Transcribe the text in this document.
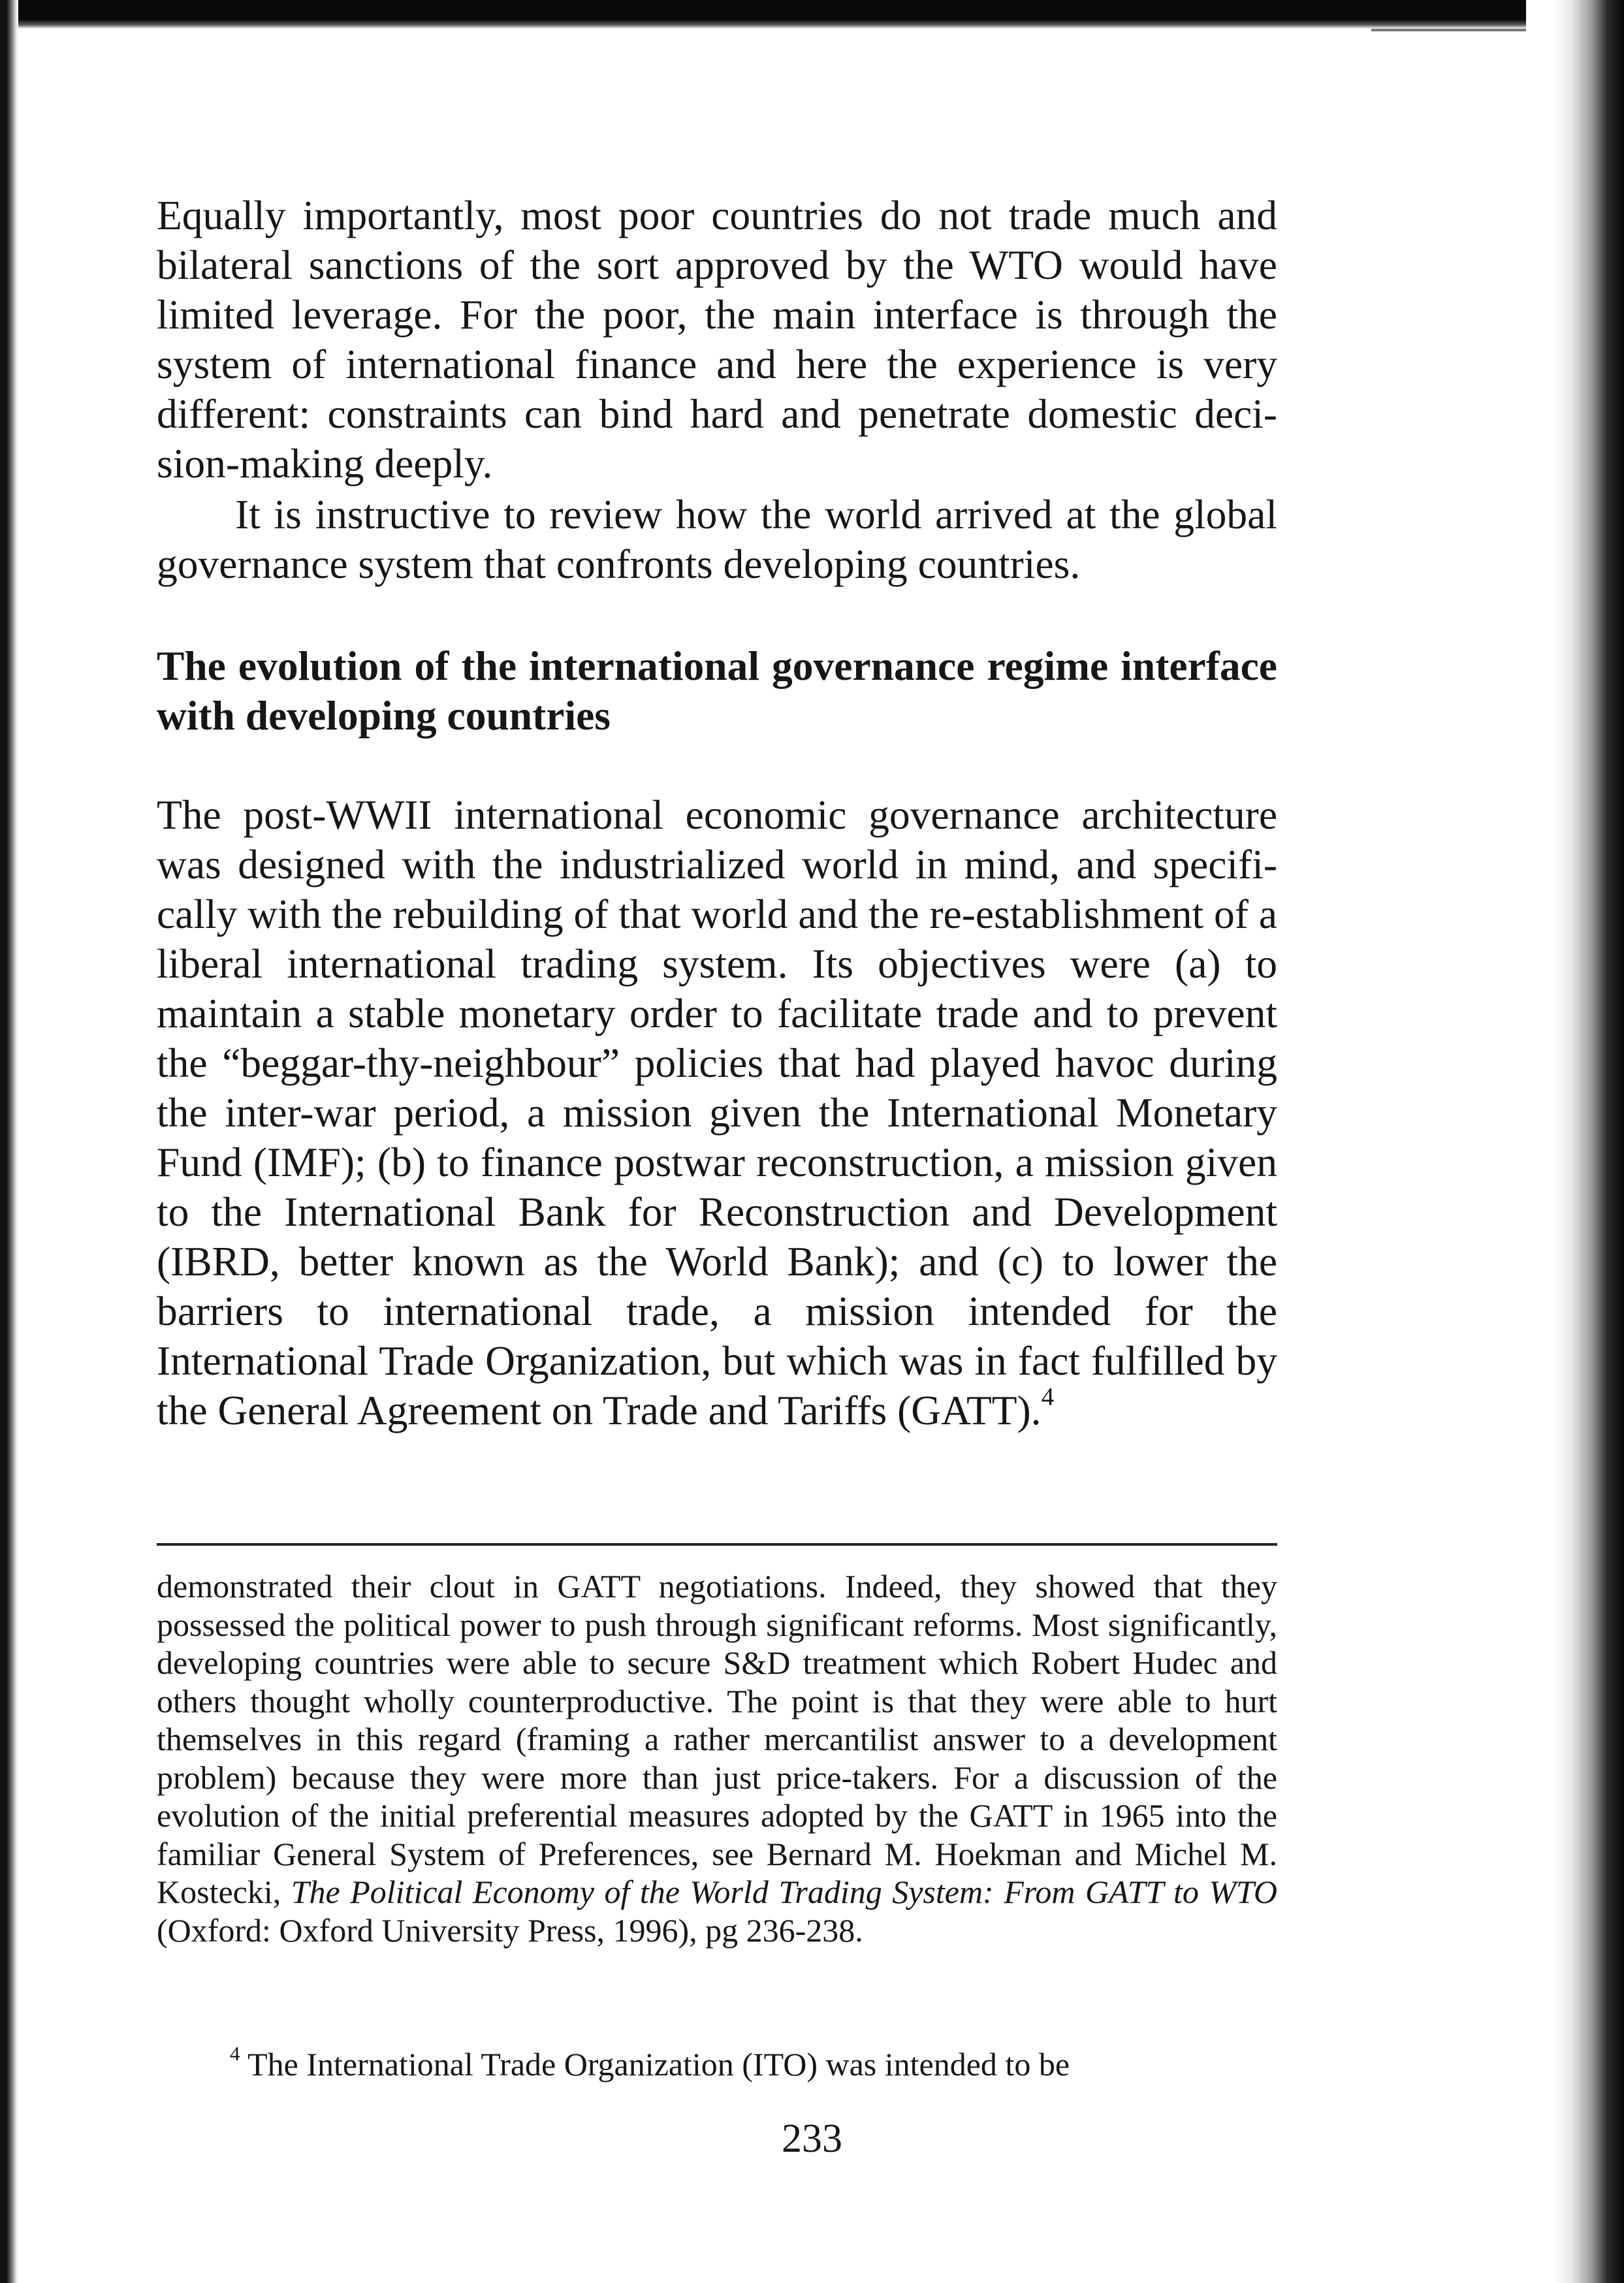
Equally importantly, most poor countries do not trade much and bilateral sanctions of the sort approved by the WTO would have limited leverage. For the poor, the main interface is through the system of international finance and here the experience is very different: constraints can bind hard and penetrate domestic decision-making deeply.

It is instructive to review how the world arrived at the global governance system that confronts developing countries.

The evolution of the international governance regime interface with developing countries

The post-WWII international economic governance architecture was designed with the industrialized world in mind, and specifically with the rebuilding of that world and the re-establishment of a liberal international trading system. Its objectives were (a) to maintain a stable monetary order to facilitate trade and to prevent the “beggar-thy-neighbour” policies that had played havoc during the inter-war period, a mission given the International Monetary Fund (IMF); (b) to finance postwar reconstruction, a mission given to the International Bank for Reconstruction and Development (IBRD, better known as the World Bank); and (c) to lower the barriers to international trade, a mission intended for the International Trade Organization, but which was in fact fulfilled by the General Agreement on Trade and Tariffs (GATT).$^4$

demonstrated their clout in GATT negotiations. Indeed, they showed that they possessed the political power to push through significant reforms. Most significantly, developing countries were able to secure S&D treatment which Robert Hudec and others thought wholly counterproductive. The point is that they were able to hurt themselves in this regard (framing a rather mercantilist answer to a development problem) because they were more than just price-takers. For a discussion of the evolution of the initial preferential measures adopted by the GATT in 1965 into the familiar General System of Preferences, see Bernard M. Hoekman and Michel M. Kostecki, The Political Economy of the World Trading System: From GATT to WTO (Oxford: Oxford University Press, 1996), pg 236-238.

$^4$ The International Trade Organization (ITO) was intended to be

233
